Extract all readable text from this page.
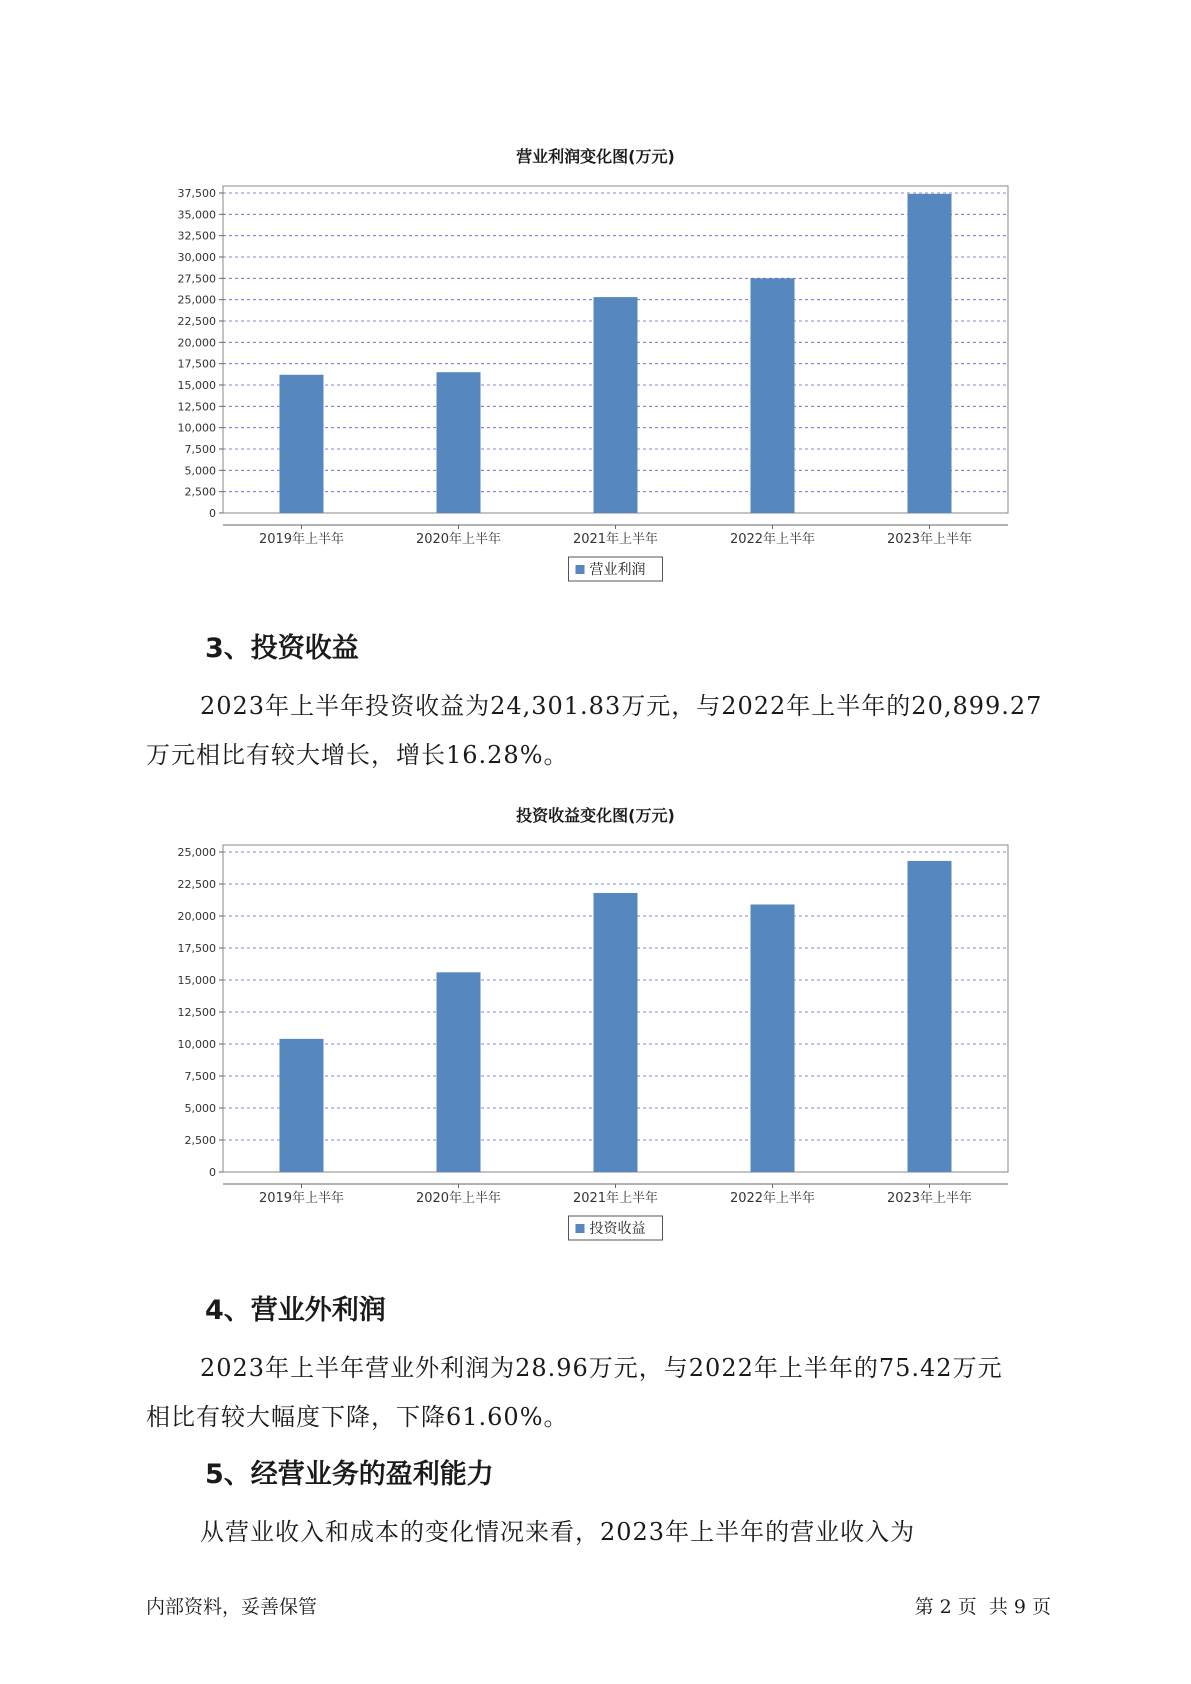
营业利润变化图(万元)
0
2,500
5,000
7,500
10,000
12,500
15,000
17,500
20,000
22,500
25,000
27,500
30,000
32,500
35,000
37,500
2019年上半年	2020年上半年	2021年上半年	2022年上半年	2023年上半年
营业利润
3、投资收益
2023年上半年投资收益为24,301.83万元，与2022年上半年的20,899.27
万元相比有较大增长，增长16.28%。
投资收益变化图(万元)
0
2,500
5,000
7,500
10,000
12,500
15,000
17,500
20,000
22,500
25,000
2019年上半年	2020年上半年	2021年上半年	2022年上半年	2023年上半年
投资收益
4、营业外利润
2023年上半年营业外利润为28.96万元，与2022年上半年的75.42万元
相比有较大幅度下降，下降61.60%。
5、经营业务的盈利能力
从营业收入和成本的变化情况来看，2023年上半年的营业收入为
内部资料，妥善保管	第 2 页  共 9 页
